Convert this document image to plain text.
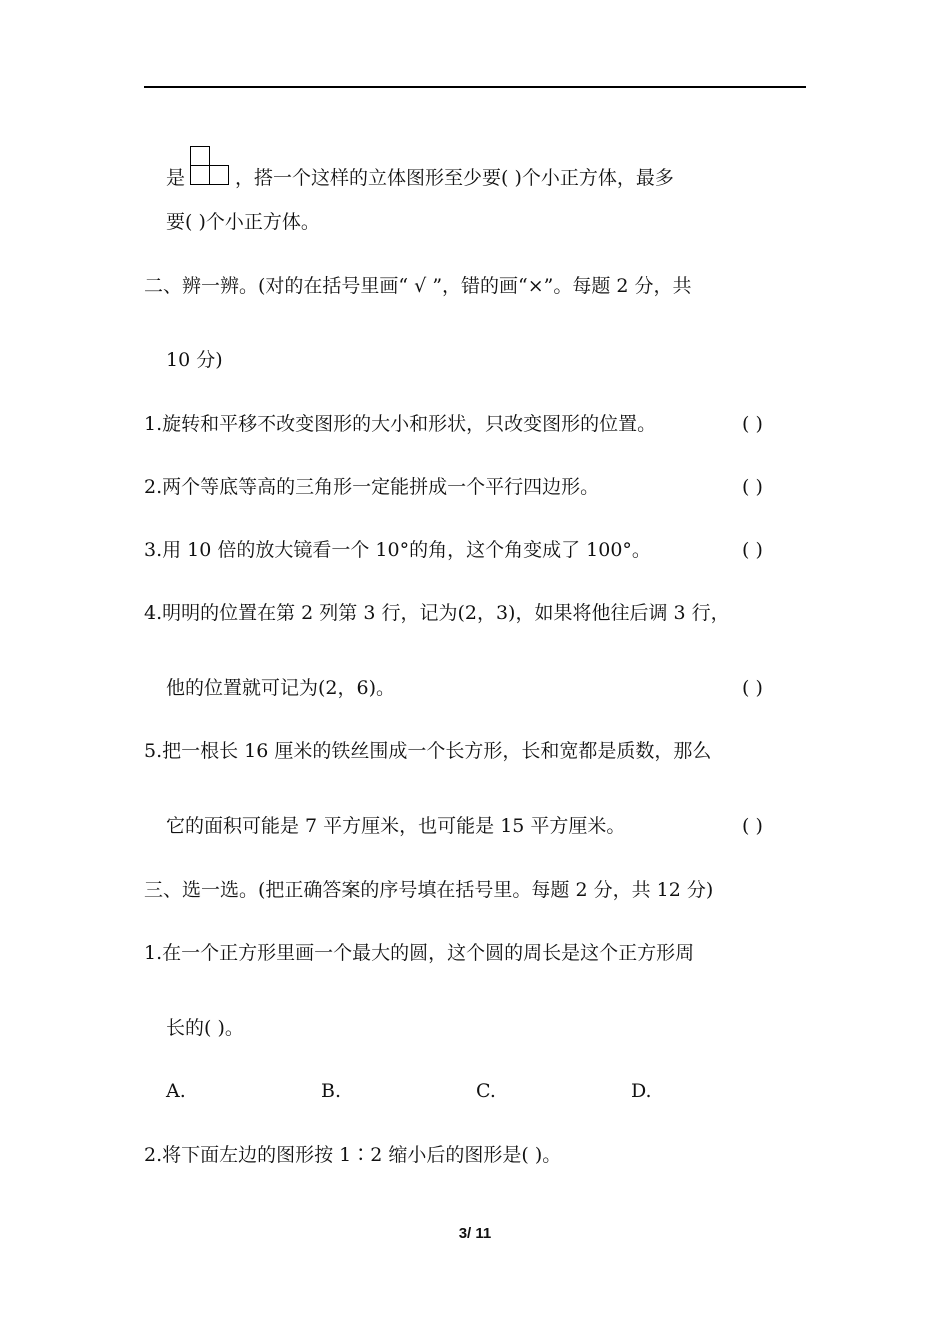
是	，搭一个这样的立体图形至少要( )个小正方体，最多
要( )个小正方体。
二、辨一辨。(对的在括号里画“ √ ”，错的画“×”。每题 2 分，共
10 分)
1.旋转和平移不改变图形的大小和形状，只改变图形的位置。	( )
2.两个等底等高的三角形一定能拼成一个平行四边形。	( )
3.用 10 倍的放大镜看一个 10°的角，这个角变成了 100°。	( )
4.明明的位置在第 2 列第 3 行，记为(2，3)，如果将他往后调 3 行，
他的位置就可记为(2，6)。	( )
5.把一根长 16 厘米的铁丝围成一个长方形，长和宽都是质数，那么
它的面积可能是 7 平方厘米，也可能是 15 平方厘米。	( )
三、选一选。(把正确答案的序号填在括号里。每题 2 分，共 12 分)
1.在一个正方形里画一个最大的圆，这个圆的周长是这个正方形周
长的( )。
A.	B.	C.	D.
2.将下面左边的图形按 1∶2 缩小后的图形是( )。
3/ 11
